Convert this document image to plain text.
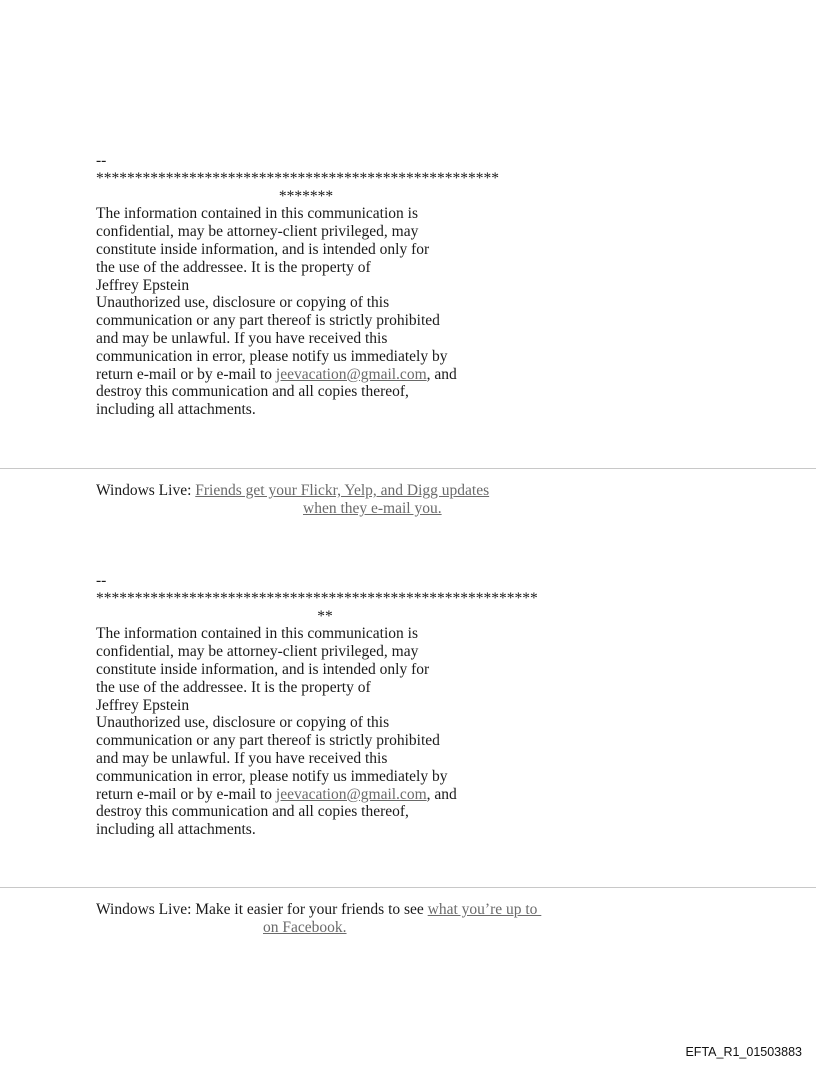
--

****************************************************

*******

The information contained in this communication is

confidential, may be attorney-client privileged, may

constitute inside information, and is intended only for

the use of the addressee. It is the property of

Jeffrey Epstein

Unauthorized use, disclosure or copying of this

communication or any part thereof is strictly prohibited

and may be unlawful. If you have received this

communication in error, please notify us immediately by

return e-mail or by e-mail to jeevacation@gmail.com, and

destroy this communication and all copies thereof,

including all attachments.

Windows Live: Friends get your Flickr, Yelp, and Digg updates
when they e-mail you.

--

*********************************************************

**

The information contained in this communication is

confidential, may be attorney-client privileged, may

constitute inside information, and is intended only for

the use of the addressee. It is the property of

Jeffrey Epstein

Unauthorized use, disclosure or copying of this

communication or any part thereof is strictly prohibited

and may be unlawful. If you have received this

communication in error, please notify us immediately by

return e-mail or by e-mail to jeevacation@gmail.com, and

destroy this communication and all copies thereof,

including all attachments.

Windows Live: Make it easier for your friends to see what you’re up to
on Facebook.
EFTA_R1_01503883
